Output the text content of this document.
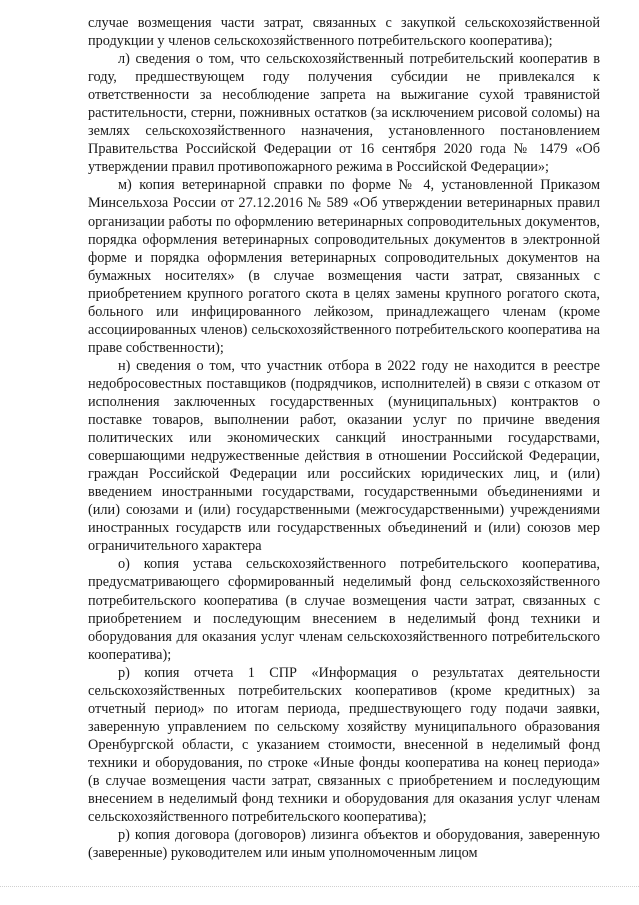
случае возмещения части затрат, связанных с закупкой сельскохозяйственной продукции у членов сельскохозяйственного потребительского кооператива);

л) сведения о том, что сельскохозяйственный потребительский кооператив в году, предшествующем году получения субсидии не привлекался к ответственности за несоблюдение запрета на выжигание сухой травянистой растительности, стерни, пожнивных остатков (за исключением рисовой соломы) на землях сельскохозяйственного назначения, установленного постановлением Правительства Российской Федерации от 16 сентября 2020 года № 1479 «Об утверждении правил противопожарного режима в Российской Федерации»;

м) копия ветеринарной справки по форме № 4, установленной Приказом Минсельхоза России от 27.12.2016 № 589 «Об утверждении ветеринарных правил организации работы по оформлению ветеринарных сопроводительных документов, порядка оформления ветеринарных сопроводительных документов в электронной форме и порядка оформления ветеринарных сопроводительных документов на бумажных носителях» (в случае возмещения части затрат, связанных с приобретением крупного рогатого скота в целях замены крупного рогатого скота, больного или инфицированного лейкозом, принадлежащего членам (кроме ассоциированных членов) сельскохозяйственного потребительского кооператива на праве собственности);

н) сведения о том, что участник отбора в 2022 году не находится в реестре недобросовестных поставщиков (подрядчиков, исполнителей) в связи с отказом от исполнения заключенных государственных (муниципальных) контрактов о поставке товаров, выполнении работ, оказании услуг по причине введения политических или экономических санкций иностранными государствами, совершающими недружественные действия в отношении Российской Федерации, граждан Российской Федерации или российских юридических лиц, и (или) введением иностранными государствами, государственными объединениями и (или) союзами и (или) государственными (межгосударственными) учреждениями иностранных государств или государственных объединений и (или) союзов мер ограничительного характера

о) копия устава сельскохозяйственного потребительского кооператива, предусматривающего сформированный неделимый фонд сельскохозяйственного потребительского кооператива (в случае возмещения части затрат, связанных с приобретением и последующим внесением в неделимый фонд техники и оборудования для оказания услуг членам сельскохозяйственного потребительского кооператива);

р) копия отчета 1 СПР «Информация о результатах деятельности сельскохозяйственных потребительских кооперативов (кроме кредитных) за отчетный период» по итогам периода, предшествующего году подачи заявки, заверенную управлением по сельскому хозяйству муниципального образования Оренбургской области, с указанием стоимости, внесенной в неделимый фонд техники и оборудования, по строке «Иные фонды кооператива на конец периода» (в случае возмещения части затрат, связанных с приобретением и последующим внесением в неделимый фонд техники и оборудования для оказания услуг членам сельскохозяйственного потребительского кооператива);

р) копия договора (договоров) лизинга объектов и оборудования, заверенную (заверенные) руководителем или иным уполномоченным лицом
